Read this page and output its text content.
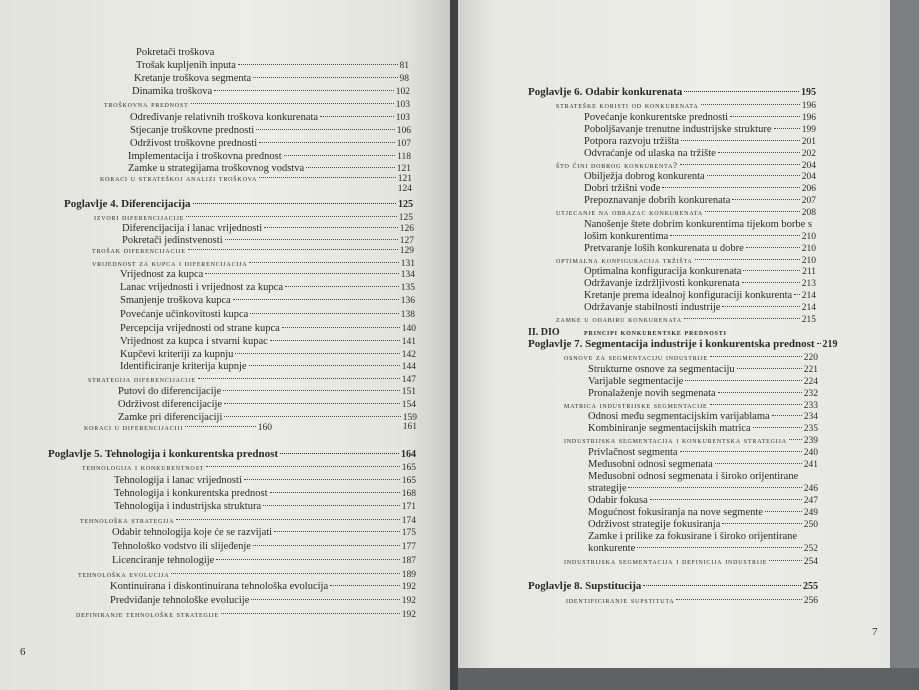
Pokretači troškova
Trošak kupljenih inputa	81
Kretanje troškova segmenta	98
Dinamika troškova	102
troškovna prednost	103
Određivanje relativnih troškova konkurenata	103
Stjecanje troškovne prednosti	106
Održivost troškovne prednosti	107
Implementacija i troškovna prednost	118
Zamke u strategijama troškovnog vodstva	121
koraci u strateškoj analizi troškova	121
124
Poglavlje 4. Diferencijacija	125
izvori diferencijacije	125
Diferencijacija i lanac vrijednosti	126
Pokretači jedinstvenosti	127
trošak diferencijacije	129
vrijednost za kupca i diferencijacija	131
Vrijednost za kupca	134
Lanac vrijednosti i vrijednost za kupca	135
Smanjenje troškova kupca	136
Povećanje učinkovitosti kupca	138
Percepcija vrijednosti od strane kupca	140
Vrijednost za kupca i stvarni kupac	141
Kupčevi kriteriji za kupnju	142
Identificiranje kriterija kupnje	144
strategija diferencijacije	147
Putovi do diferencijacije	151
Održivost diferencijacije	154
Zamke pri diferencijaciji	159
koraci u diferencijaciji	160	161
Poglavlje 5. Tehnologija i konkurentska prednost	164
tehnologija i konkurentnost	165
Tehnologija i lanac vrijednosti	165
Tehnologija i konkurentska prednost	168
Tehnologija i industrijska struktura	171
tehnološka strategija	174
Odabir tehnologija koje će se razvijati	175
Tehnološko vodstvo ili slijeđenje	177
Licenciranje tehnologije	187
tehnološka evolucija	189
Kontinuirana i diskontinuirana tehnološka evolucija	192
Predviđanje tehnološke evolucije	192
definiranje tehnološke strategije	192
6
Poglavlje 6. Odabir konkurenata	195
strateške koristi od konkurenata	196
Povećanje konkurentske prednosti	196
Poboljšavanje trenutne industrijske strukture	199
Potpora razvoju tržišta	201
Odvraćanje od ulaska na tržište	202
što čini dobrog konkurenta?	204
Obilježja dobrog konkurenta	204
Dobri tržišni vođe	206
Prepoznavanje dobrih konkurenata	207
utjecanje na obrazac konkurenata	208
Nanošenje štete dobrim konkurentima tijekom borbe s
lošim konkurentima	210
Pretvaranje loših konkurenata u dobre	210
optimalna konfiguracija tržišta	210
Optimalna konfiguracija konkurenata	211
Održavanje izdržljivosti konkurenata	213
Kretanje prema idealnoj konfiguraciji konkurenta 214
Održavanje stabilnosti industrije	214
zamke u odabiru konkurenata	215
II. DIO	principi konkurentske prednosti
Poglavlje 7. Segmentacija industrije i konkurentska prednost 219
osnove za segmentaciju industrije	220
Strukturne osnove za segmentaciju	221
Varijable segmentacije	224
Pronalaženje novih segmenata	232
matrica industrijske segmentacije	233
Odnosi među segmentacijskim varijablama	234
Kombiniranje segmentacijskih matrica	235
industrijska segmentacija i konkurentska strategija 239
Privlačnost segmenta	240
Međusobni odnosi segmenata	241
Međusobni odnosi segmenata i široko orijentirane
strategije	246
Odabir fokusa	247
Mogućnost fokusiranja na nove segmente	249
Održivost strategije fokusiranja	250
Zamke i prilike za fokusirane i široko orijentirane
konkurente	252
industrijska segmentacija i definicija industrije	254
Poglavlje 8. Supstitucija	255
identificiranje supstituta	256
7
